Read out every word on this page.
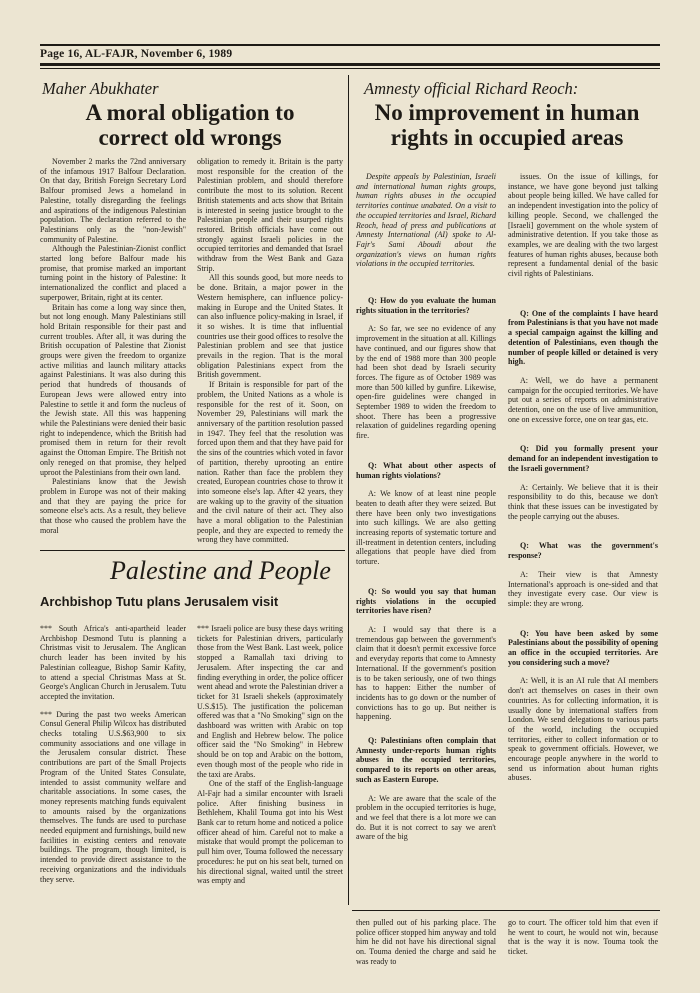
Page 16, AL-FAJR, November 6, 1989
Maher Abukhater
A moral obligation to
correct old wrongs

November 2 marks the 72nd anniversary of the infamous 1917 Balfour Declaration. On that day, British Foreign Secretary Lord Balfour promised Jews a homeland in Palestine, totally disregarding the feelings and aspirations of the indigenous Palestinian population. The declaration referred to the Palestinians only as the "non-Jewish" community of Palestine.

Although the Palestinian-Zionist conflict started long before Balfour made his promise, that promise marked an important turning point in the history of Palestine: It internationalized the conflict and placed a superpower, Britain, right at its center.

Britain has come a long way since then, but not long enough. Many Palestinians still hold Britain responsible for their past and current troubles. After all, it was during the British occupation of Palestine that Zionist groups were given the freedom to organize active militias and launch military attacks against Palestinians. It was also during this period that hundreds of thousands of European Jews were allowed entry into Palestine to settle it and form the nucleus of the Jewish state. All this was happening while the Palestinians were denied their basic right to independence, which the British had promised them in return for their revolt against the Ottoman Empire. The British not only reneged on that promise, they helped uproot the Palestinians from their own land.

Palestinians know that the Jewish problem in Europe was not of their making and that they are paying the price for someone else's acts. As a result, they believe that those who caused the problem have the moral

obligation to remedy it. Britain is the party most responsible for the creation of the Palestinian problem, and should therefore contribute the most to its solution. Recent British statements and acts show that Britain is interested in seeing justice brought to the Palestinian people and their usurped rights restored. British officials have come out strongly against Israeli policies in the occupied territories and demanded that Israel withdraw from the West Bank and Gaza Strip.

All this sounds good, but more needs to be done. Britain, a major power in the Western hemisphere, can influence policy-making in Europe and the United States. It can also influence policy-making in Israel, if it so wishes. It is time that influential countries use their good offices to resolve the Palestinian problem and see that justice prevails in the region. That is the moral obligation Palestinians expect from the British government.

If Britain is responsible for part of the problem, the United Nations as a whole is responsible for the rest of it. Soon, on November 29, Palestinians will mark the anniversary of the partition resolution passed in 1947. They feel that the resolution was forced upon them and that they have paid for the sins of the countries which voted in favor of partition, thereby uprooting an entire nation. Rather than face the problem they created, European countries chose to throw it into someone else's lap. After 42 years, they are waking up to the gravity of the situation and the civil nature of their act. They also have a moral obligation to the Palestinian people, and they are expected to remedy the wrong they have committed.

Amnesty official Richard Reoch:
No improvement in human
rights in occupied areas

Despite appeals by Palestinian, Israeli and international human rights groups, human rights abuses in the occupied territories continue unabated. On a visit to the occupied territories and Israel, Richard Reoch, head of press and publications at Amnesty International (AI) spoke to Al-Fajr's Sami Aboudi about the organization's views on human rights violations in the occupied territories.

Q: How do you evaluate the human rights situation in the territories?

A: So far, we see no evidence of any improvement in the situation at all. Killings have continued, and our figures show that by the end of 1988 more than 300 people had been shot dead by Israeli security forces. The figure as of October 1989 was more than 500 killed by gunfire. Likewise, open-fire guidelines were changed in September 1989 to widen the freedom to shoot. There has been a progressive relaxation of guidelines regarding opening fire.

Q: What about other aspects of human rights violations?

A: We know of at least nine people beaten to death after they were seized. But there have been only two investigations into such killings. We are also getting increasing reports of systematic torture and ill-treatment in detention centers, including allegations that people have died from torture.

Q: So would you say that human rights violations in the occupied territories have risen?

A: I would say that there is a tremendous gap between the government's claim that it doesn't permit excessive force and everyday reports that come to Amnesty International. If the government's position is to be taken seriously, one of two things has to happen: Either the number of incidents has to go down or the number of convictions has to go up. But neither is happening.

Q: Palestinians often complain that Amnesty under-reports human rights abuses in the occupied territories, compared to its reports on other areas, such as Eastern Europe.

A: We are aware that the scale of the problem in the occupied territories is huge, and we feel that there is a lot more we can do. But it is not correct to say we aren't aware of the big

issues. On the issue of killings, for instance, we have gone beyond just talking about people being killed. We have called for an independent investigation into the policy of killing people. Second, we challenged the [Israeli] government on the whole system of administrative detention. If you take those as examples, we are dealing with the two largest features of human rights abuses, because both represent a fundamental denial of the basic civil rights of Palestinians.

Q: One of the complaints I have heard from Palestinians is that you have not made a special campaign against the killing and detention of Palestinians, even though the number of people killed or detained is very high.

A: Well, we do have a permanent campaign for the occupied territories. We have put out a series of reports on administrative detention, one on the use of live ammunition, one on excessive force, one on tear gas, etc.

Q: Did you formally present your demand for an independent investigation to the Israeli government?

A: Certainly. We believe that it is their responsibility to do this, because we don't think that these issues can be investigated by the people carrying out the abuses.

Q: What was the government's response?

A: Their view is that Amnesty International's approach is one-sided and that they investigate every case. Our view is simple: they are wrong.

Q: You have been asked by some Palestinians about the possibility of opening an office in the occupied territories. Are you considering such a move?

A: Well, it is an AI rule that AI members don't act themselves on cases in their own countries. As for collecting information, it is usually done by international staffers from London. We send delegations to various parts of the world, including the occupied territories, either to collect information or to speak to government officials. However, we encourage people anywhere in the world to send us information about human rights abuses.

Palestine and People
Archbishop Tutu plans Jerusalem visit

*** South Africa's anti-apartheid leader Archbishop Desmond Tutu is planning a Christmas visit to Jerusalem. The Anglican church leader has been invited by his Palestinian colleague, Bishop Samir Kafity, to attend a special Christmas Mass at St. George's Anglican Church in Jerusalem. Tutu accepted the invitation.

*** During the past two weeks American Consul General Philip Wilcox has distributed checks totaling U.S.$63,900 to six community associations and one village in the Jerusalem consular district. These contributions are part of the Small Projects Program of the United States Consulate, intended to assist community welfare and charitable associations. In some cases, the money represents matching funds equivalent to amounts raised by the organizations themselves. The funds are used to purchase needed equipment and furnishings, build new facilities in existing centers and renovate buildings. The program, though limited, is intended to provide direct assistance to the receiving organizations and the individuals they serve.

*** Israeli police are busy these days writing tickets for Palestinian drivers, particularly those from the West Bank. Last week, police stopped a Ramallah taxi driving to Jerusalem. After inspecting the car and finding everything in order, the police officer went ahead and wrote the Palestinian driver a ticket for 31 Israeli shekels (approximately U.S.$15). The justification the policeman offered was that a "No Smoking" sign on the dashboard was written with Arabic on top and English and Hebrew below. The police officer said the "No Smoking" in Hebrew should be on top and Arabic on the bottom, even though most of the people who ride in the taxi are Arabs.

One of the staff of the English-language Al-Fajr had a similar encounter with Israeli police. After finishing business in Bethlehem, Khalil Touma got into his West Bank car to return home and noticed a police officer ahead of him. Careful not to make a mistake that would prompt the policeman to pull him over, Touma followed the necessary procedures: he put on his seat belt, turned on his directional signal, waited until the street was empty and

then pulled out of his parking place. The police officer stopped him anyway and told him he did not have his directional signal on. Touma denied the charge and said he was ready to

go to court. The officer told him that even if he went to court, he would not win, because that is the way it is now. Touma took the ticket.
